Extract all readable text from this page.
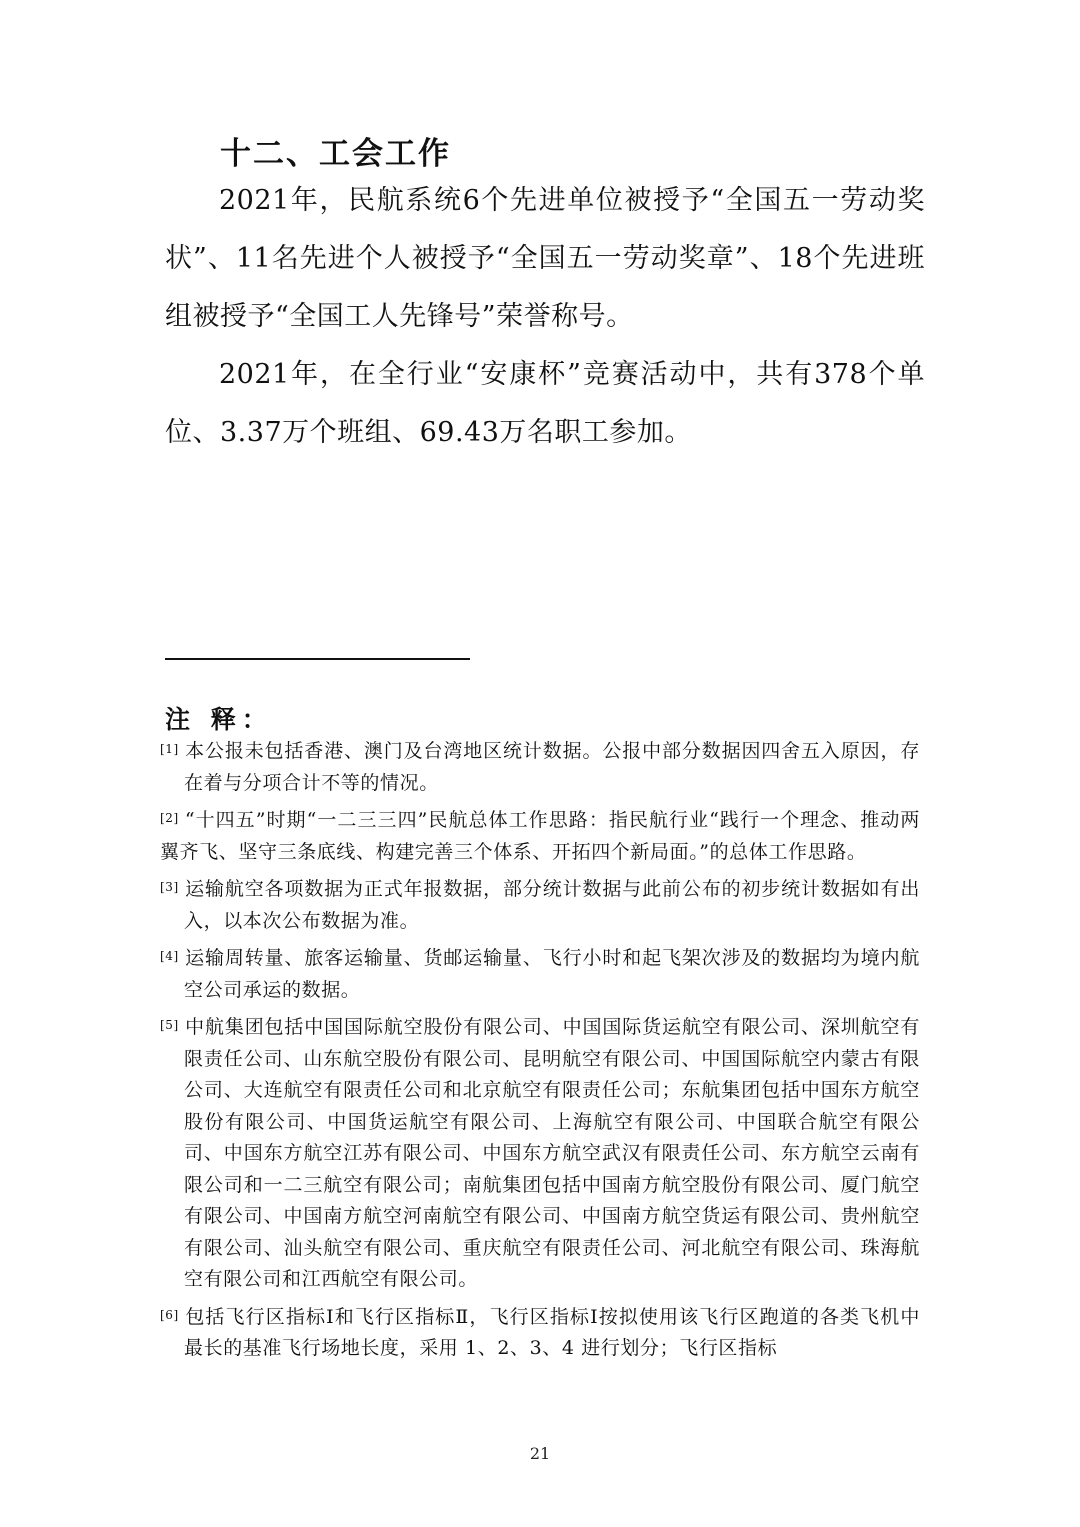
十二、工会工作

2021年，民航系统6个先进单位被授予“全国五一劳动奖状”、11名先进个人被授予“全国五一劳动奖章”、18个先进班组被授予“全国工人先锋号”荣誉称号。

2021年，在全行业“安康杯”竞赛活动中，共有378个单位、3.37万个班组、69.43万名职工参加。

注 释：

[1] 本公报未包括香港、澳门及台湾地区统计数据。公报中部分数据因四舍五入原因，存在着与分项合计不等的情况。

[2] “十四五”时期“一二三三四”民航总体工作思路：指民航行业“践行一个理念、推动两翼齐飞、坚守三条底线、构建完善三个体系、开拓四个新局面。”的总体工作思路。

[3] 运输航空各项数据为正式年报数据，部分统计数据与此前公布的初步统计数据如有出入，以本次公布数据为准。

[4] 运输周转量、旅客运输量、货邮运输量、飞行小时和起飞架次涉及的数据均为境内航空公司承运的数据。

[5] 中航集团包括中国国际航空股份有限公司、中国国际货运航空有限公司、深圳航空有限责任公司、山东航空股份有限公司、昆明航空有限公司、中国国际航空内蒙古有限公司、大连航空有限责任公司和北京航空有限责任公司；东航集团包括中国东方航空股份有限公司、中国货运航空有限公司、上海航空有限公司、中国联合航空有限公司、中国东方航空江苏有限公司、中国东方航空武汉有限责任公司、东方航空云南有限公司和一二三航空有限公司；南航集团包括中国南方航空股份有限公司、厦门航空有限公司、中国南方航空河南航空有限公司、中国南方航空货运有限公司、贵州航空有限公司、汕头航空有限公司、重庆航空有限责任公司、河北航空有限公司、珠海航空有限公司和江西航空有限公司。

[6] 包括飞行区指标Ⅰ和飞行区指标Ⅱ，飞行区指标Ⅰ按拟使用该飞行区跑道的各类飞机中最长的基准飞行场地长度，采用 1、2、3、4 进行划分；飞行区指标

21
